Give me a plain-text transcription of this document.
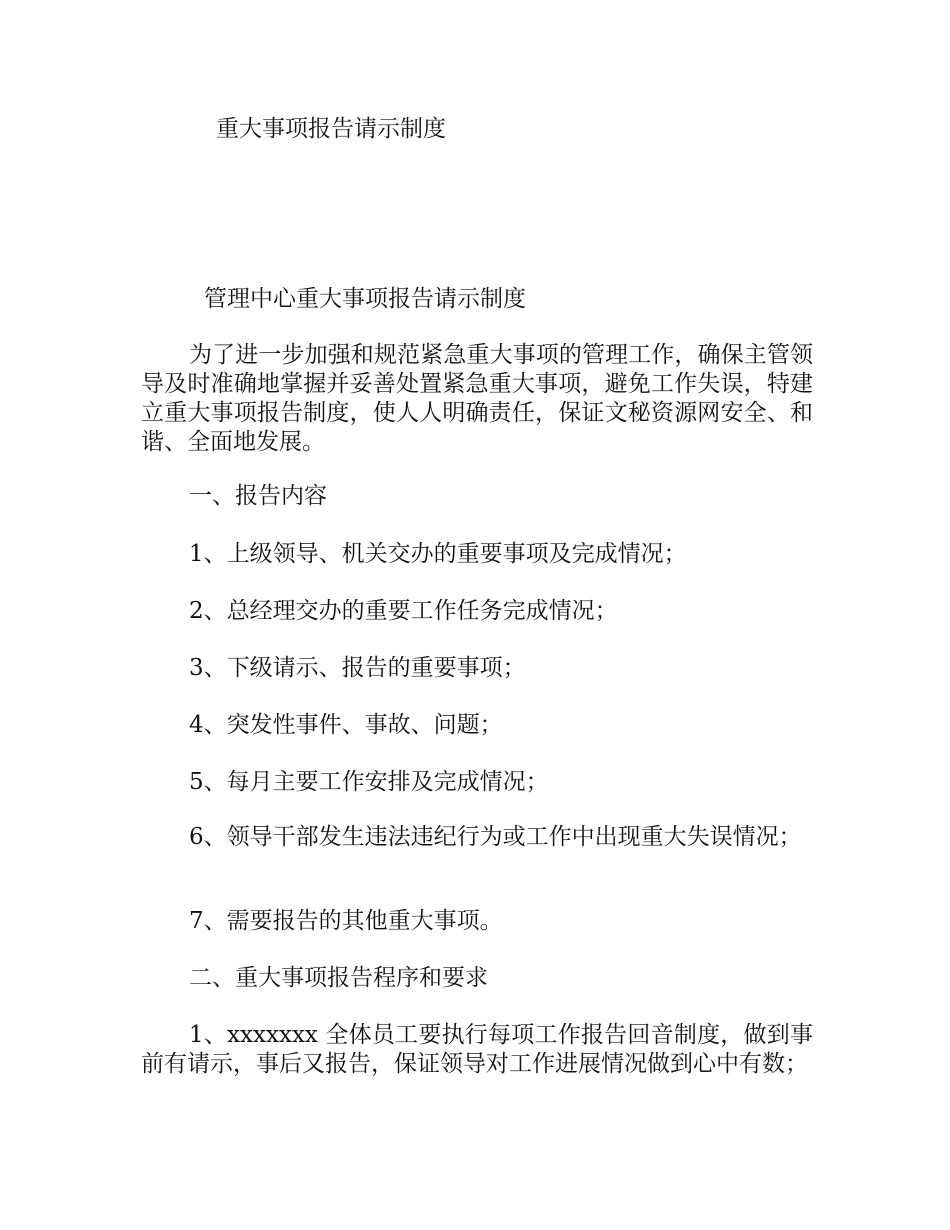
重大事项报告请示制度
管理中心重大事项报告请示制度

为了进一步加强和规范紧急重大事项的管理工作，确保主管领导及时准确地掌握并妥善处置紧急重大事项，避免工作失误，特建立重大事项报告制度，使人人明确责任，保证文秘资源网安全、和谐、全面地发展。

一、报告内容

1、上级领导、机关交办的重要事项及完成情况；

2、总经理交办的重要工作任务完成情况；

3、下级请示、报告的重要事项；

4、突发性事件、事故、问题；

5、每月主要工作安排及完成情况；

6、领导干部发生违法违纪行为或工作中出现重大失误情况；

7、需要报告的其他重大事项。

二、重大事项报告程序和要求

1、xxxxxxx 全体员工要执行每项工作报告回音制度，做到事前有请示，事后又报告，保证领导对工作进展情况做到心中有数；
